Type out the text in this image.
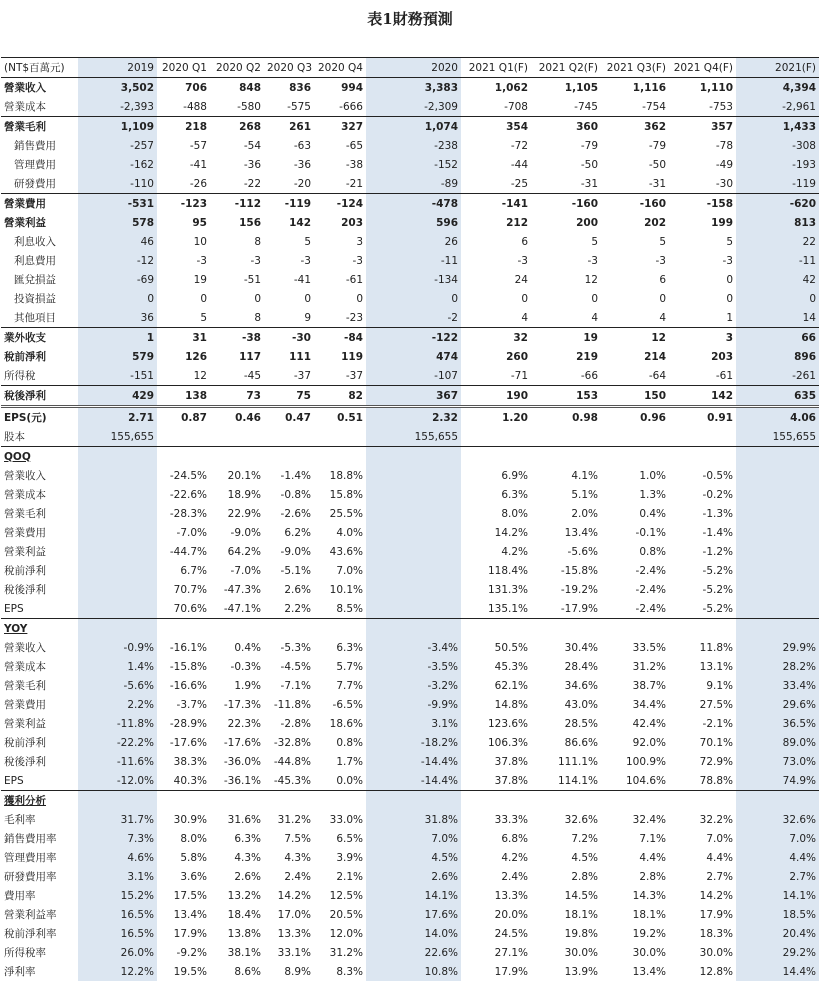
表1財務預測
(NT$百萬元)	2019	2020 Q1	2020 Q2	2020 Q3	2020 Q4	2020	2021 Q1(F)	2021 Q2(F)	2021 Q3(F)	2021 Q4(F)	2021(F)
營業收入	3,502	706	848	836	994	3,383	1,062	1,105	1,116	1,110	4,394
營業成本	-2,393	-488	-580	-575	-666	-2,309	-708	-745	-754	-753	-2,961
營業毛利	1,109	218	268	261	327	1,074	354	360	362	357	1,433
銷售費用	-257	-57	-54	-63	-65	-238	-72	-79	-79	-78	-308
管理費用	-162	-41	-36	-36	-38	-152	-44	-50	-50	-49	-193
研發費用	-110	-26	-22	-20	-21	-89	-25	-31	-31	-30	-119
營業費用	-531	-123	-112	-119	-124	-478	-141	-160	-160	-158	-620
營業利益	578	95	156	142	203	596	212	200	202	199	813
利息收入	46	10	8	5	3	26	6	5	5	5	22
利息費用	-12	-3	-3	-3	-3	-11	-3	-3	-3	-3	-11
匯兌損益	-69	19	-51	-41	-61	-134	24	12	6	0	42
投資損益	0	0	0	0	0	0	0	0	0	0	0
其他項目	36	5	8	9	-23	-2	4	4	4	1	14
業外收支	1	31	-38	-30	-84	-122	32	19	12	3	66
稅前淨利	579	126	117	111	119	474	260	219	214	203	896
所得稅	-151	12	-45	-37	-37	-107	-71	-66	-64	-61	-261
稅後淨利	429	138	73	75	82	367	190	153	150	142	635
EPS(元)	2.71	0.87	0.46	0.47	0.51	2.32	1.20	0.98	0.96	0.91	4.06
股本	155,655					155,655					155,655
QOQ											
營業收入		-24.5%	20.1%	-1.4%	18.8%		6.9%	4.1%	1.0%	-0.5%	
營業成本		-22.6%	18.9%	-0.8%	15.8%		6.3%	5.1%	1.3%	-0.2%	
營業毛利		-28.3%	22.9%	-2.6%	25.5%		8.0%	2.0%	0.4%	-1.3%	
營業費用		-7.0%	-9.0%	6.2%	4.0%		14.2%	13.4%	-0.1%	-1.4%	
營業利益		-44.7%	64.2%	-9.0%	43.6%		4.2%	-5.6%	0.8%	-1.2%	
稅前淨利		6.7%	-7.0%	-5.1%	7.0%		118.4%	-15.8%	-2.4%	-5.2%	
稅後淨利		70.7%	-47.3%	2.6%	10.1%		131.3%	-19.2%	-2.4%	-5.2%	
EPS		70.6%	-47.1%	2.2%	8.5%		135.1%	-17.9%	-2.4%	-5.2%	
YOY											
營業收入	-0.9%	-16.1%	0.4%	-5.3%	6.3%	-3.4%	50.5%	30.4%	33.5%	11.8%	29.9%
營業成本	1.4%	-15.8%	-0.3%	-4.5%	5.7%	-3.5%	45.3%	28.4%	31.2%	13.1%	28.2%
營業毛利	-5.6%	-16.6%	1.9%	-7.1%	7.7%	-3.2%	62.1%	34.6%	38.7%	9.1%	33.4%
營業費用	2.2%	-3.7%	-17.3%	-11.8%	-6.5%	-9.9%	14.8%	43.0%	34.4%	27.5%	29.6%
營業利益	-11.8%	-28.9%	22.3%	-2.8%	18.6%	3.1%	123.6%	28.5%	42.4%	-2.1%	36.5%
稅前淨利	-22.2%	-17.6%	-17.6%	-32.8%	0.8%	-18.2%	106.3%	86.6%	92.0%	70.1%	89.0%
稅後淨利	-11.6%	38.3%	-36.0%	-44.8%	1.7%	-14.4%	37.8%	111.1%	100.9%	72.9%	73.0%
EPS	-12.0%	40.3%	-36.1%	-45.3%	0.0%	-14.4%	37.8%	114.1%	104.6%	78.8%	74.9%
獲利分析											
毛利率	31.7%	30.9%	31.6%	31.2%	33.0%	31.8%	33.3%	32.6%	32.4%	32.2%	32.6%
銷售費用率	7.3%	8.0%	6.3%	7.5%	6.5%	7.0%	6.8%	7.2%	7.1%	7.0%	7.0%
管理費用率	4.6%	5.8%	4.3%	4.3%	3.9%	4.5%	4.2%	4.5%	4.4%	4.4%	4.4%
研發費用率	3.1%	3.6%	2.6%	2.4%	2.1%	2.6%	2.4%	2.8%	2.8%	2.7%	2.7%
費用率	15.2%	17.5%	13.2%	14.2%	12.5%	14.1%	13.3%	14.5%	14.3%	14.2%	14.1%
營業利益率	16.5%	13.4%	18.4%	17.0%	20.5%	17.6%	20.0%	18.1%	18.1%	17.9%	18.5%
稅前淨利率	16.5%	17.9%	13.8%	13.3%	12.0%	14.0%	24.5%	19.8%	19.2%	18.3%	20.4%
所得稅率	26.0%	-9.2%	38.1%	33.1%	31.2%	22.6%	27.1%	30.0%	30.0%	30.0%	29.2%
淨利率	12.2%	19.5%	8.6%	8.9%	8.3%	10.8%	17.9%	13.9%	13.4%	12.8%	14.4%
